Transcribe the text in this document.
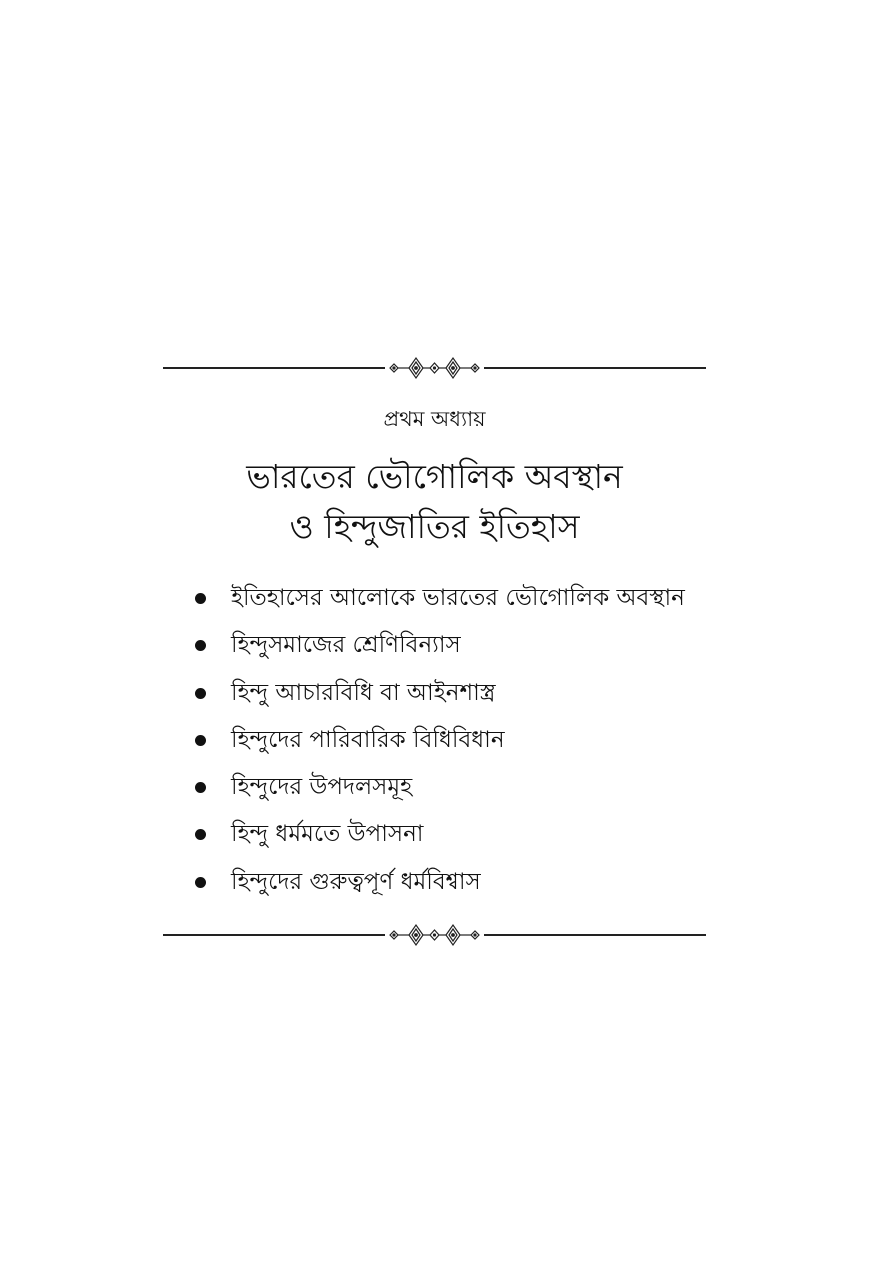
প্রথম অধ্যায়
ভারতের ভৌগোলিক অবস্থান
ও হিন্দুজাতির ইতিহাস
ইতিহাসের আলোকে ভারতের ভৌগোলিক অবস্থান
হিন্দুসমাজের শ্রেণিবিন্যাস
হিন্দু আচারবিধি বা আইনশাস্ত্র
হিন্দুদের পারিবারিক বিধিবিধান
হিন্দুদের উপদলসমূহ
হিন্দু ধর্মমতে উপাসনা
হিন্দুদের গুরুত্বপূর্ণ ধর্মবিশ্বাস
